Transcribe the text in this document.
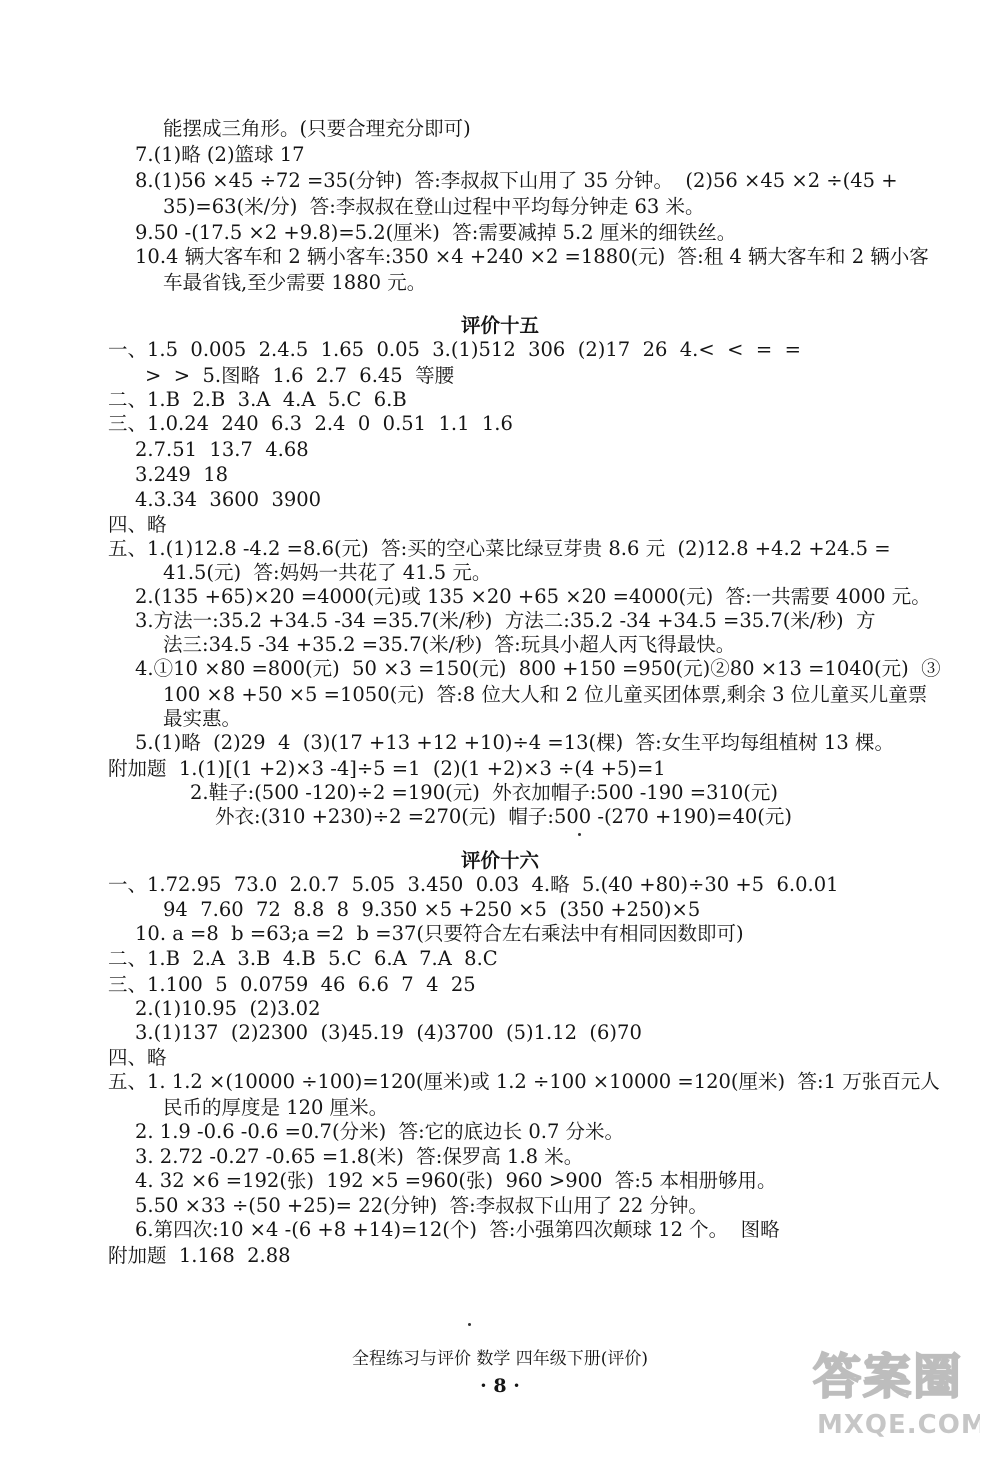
能摆成三角形。(只要合理充分即可)
7.(1)略 (2)篮球 17
8.(1)56 ×45 ÷72 =35(分钟)  答:李叔叔下山用了 35 分钟。  (2)56 ×45 ×2 ÷(45 +
35)=63(米/分)  答:李叔叔在登山过程中平均每分钟走 63 米。
9.50 -(17.5 ×2 +9.8)=5.2(厘米)  答:需要减掉 5.2 厘米的细铁丝。
10.4 辆大客车和 2 辆小客车:350 ×4 +240 ×2 =1880(元)  答:租 4 辆大客车和 2 辆小客
车最省钱,至少需要 1880 元。
评价十五
一、1.5  0.005  2.4.5  1.65  0.05  3.(1)512  306  (2)17  26  4.<  <  =  =
>  >  5.图略  1.6  2.7  6.45  等腰
二、1.B  2.B  3.A  4.A  5.C  6.B
三、1.0.24  240  6.3  2.4  0  0.51  1.1  1.6
2.7.51  13.7  4.68
3.249  18
4.3.34  3600  3900
四、略
五、1.(1)12.8 -4.2 =8.6(元)  答:买的空心菜比绿豆芽贵 8.6 元  (2)12.8 +4.2 +24.5 =
41.5(元)  答:妈妈一共花了 41.5 元。
2.(135 +65)×20 =4000(元)或 135 ×20 +65 ×20 =4000(元)  答:一共需要 4000 元。
3.方法一:35.2 +34.5 -34 =35.7(米/秒)  方法二:35.2 -34 +34.5 =35.7(米/秒)  方
法三:34.5 -34 +35.2 =35.7(米/秒)  答:玩具小超人丙飞得最快。
4.①10 ×80 =800(元)  50 ×3 =150(元)  800 +150 =950(元)②80 ×13 =1040(元)  ③
100 ×8 +50 ×5 =1050(元)  答:8 位大人和 2 位儿童买团体票,剩余 3 位儿童买儿童票
最实惠。
5.(1)略  (2)29  4  (3)(17 +13 +12 +10)÷4 =13(棵)  答:女生平均每组植树 13 棵。
附加题  1.(1)[(1 +2)×3 -4]÷5 =1  (2)(1 +2)×3 ÷(4 +5)=1
2.鞋子:(500 -120)÷2 =190(元)  外衣加帽子:500 -190 =310(元)
外衣:(310 +230)÷2 =270(元)  帽子:500 -(270 +190)=40(元)
评价十六
一、1.72.95  73.0  2.0.7  5.05  3.450  0.03  4.略  5.(40 +80)÷30 +5  6.0.01
94  7.60  72  8.8  8  9.350 ×5 +250 ×5  (350 +250)×5
10. a =8  b =63;a =2  b =37(只要符合左右乘法中有相同因数即可)
二、1.B  2.A  3.B  4.B  5.C  6.A  7.A  8.C
三、1.100  5  0.0759  46  6.6  7  4  25
2.(1)10.95  (2)3.02
3.(1)137  (2)2300  (3)45.19  (4)3700  (5)1.12  (6)70
四、略
五、1. 1.2 ×(10000 ÷100)=120(厘米)或 1.2 ÷100 ×10000 =120(厘米)  答:1 万张百元人
民币的厚度是 120 厘米。
2. 1.9 -0.6 -0.6 =0.7(分米)  答:它的底边长 0.7 分米。
3. 2.72 -0.27 -0.65 =1.8(米)  答:保罗高 1.8 米。
4. 32 ×6 =192(张)  192 ×5 =960(张)  960 >900  答:5 本相册够用。
5.50 ×33 ÷(50 +25)= 22(分钟)  答:李叔叔下山用了 22 分钟。
6.第四次:10 ×4 -(6 +8 +14)=12(个)  答:小强第四次颠球 12 个。  图略
附加题  1.168  2.88
全程练习与评价 数学 四年级下册(评价)
· 8 ·	答案圈
MXQE.COM
